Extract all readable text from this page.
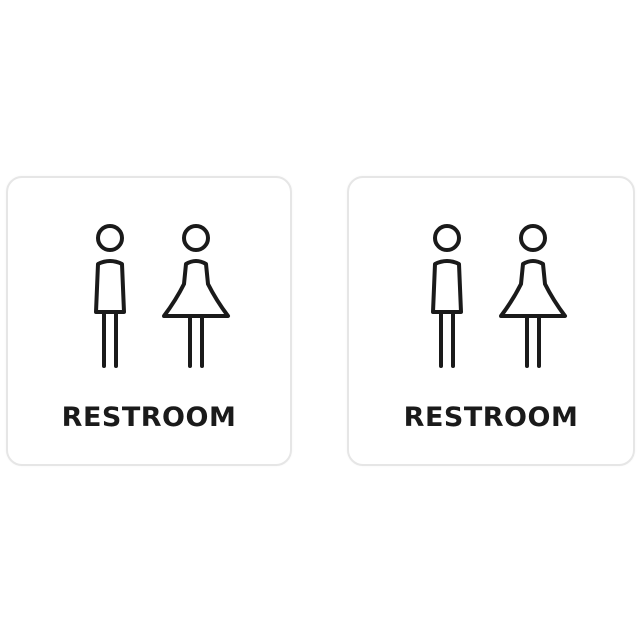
RESTROOM	RESTROOM
